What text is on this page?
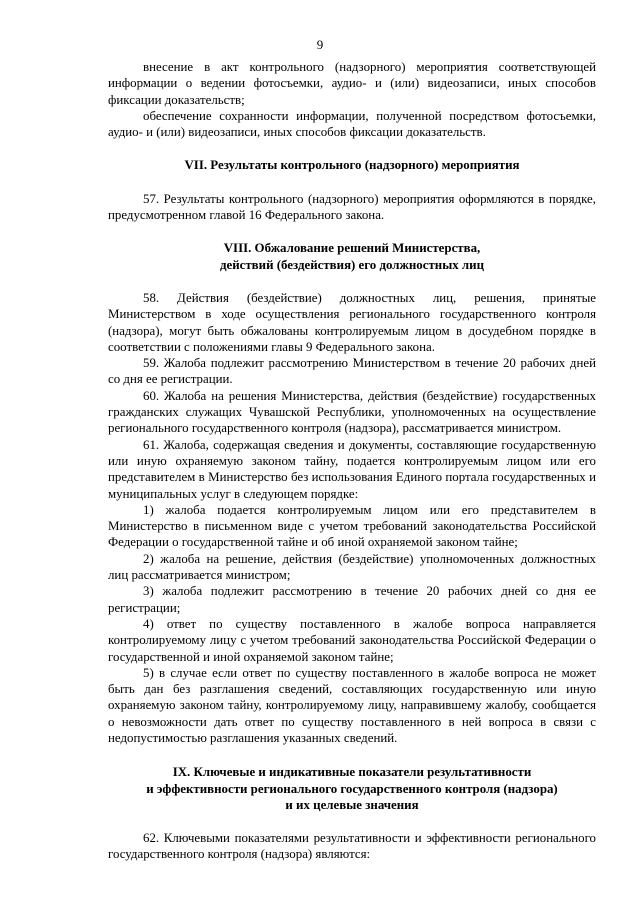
9

внесение в акт контрольного (надзорного) мероприятия соответствующей информации о ведении фотосъемки, аудио- и (или) видеозаписи, иных способов фиксации доказательств;

обеспечение сохранности информации, полученной посредством фотосъемки, аудио- и (или) видеозаписи, иных способов фиксации доказательств.

VII. Результаты контрольного (надзорного) мероприятия

57. Результаты контрольного (надзорного) мероприятия оформляются в порядке, предусмотренном главой 16 Федерального закона.

VIII. Обжалование решений Министерства,
действий (бездействия) его должностных лиц

58. Действия (бездействие) должностных лиц, решения, принятые Министерством в ходе осуществления регионального государственного контроля (надзора), могут быть обжалованы контролируемым лицом в досудебном порядке в соответствии с положениями главы 9 Федерального закона.

59. Жалоба подлежит рассмотрению Министерством в течение 20 рабочих дней со дня ее регистрации.

60. Жалоба на решения Министерства, действия (бездействие) государственных гражданских служащих Чувашской Республики, уполномоченных на осуществление регионального государственного контроля (надзора), рассматривается министром.

61. Жалоба, содержащая сведения и документы, составляющие государственную или иную охраняемую законом тайну, подается контролируемым лицом или его представителем в Министерство без использования Единого портала государственных и муниципальных услуг в следующем порядке:

1) жалоба подается контролируемым лицом или его представителем в Министерство в письменном виде с учетом требований законодательства Российской Федерации о государственной тайне и об иной охраняемой законом тайне;

2) жалоба на решение, действия (бездействие) уполномоченных должностных лиц рассматривается министром;

3) жалоба подлежит рассмотрению в течение 20 рабочих дней со дня ее регистрации;

4) ответ по существу поставленного в жалобе вопроса направляется контролируемому лицу с учетом требований законодательства Российской Федерации о государственной и иной охраняемой законом тайне;

5) в случае если ответ по существу поставленного в жалобе вопроса не может быть дан без разглашения сведений, составляющих государственную или иную охраняемую законом тайну, контролируемому лицу, направившему жалобу, сообщается о невозможности дать ответ по существу поставленного в ней вопроса в связи с недопустимостью разглашения указанных сведений.

IX. Ключевые и индикативные показатели результативности
и эффективности регионального государственного контроля (надзора)
и их целевые значения

62. Ключевыми показателями результативности и эффективности регионального государственного контроля (надзора) являются:
